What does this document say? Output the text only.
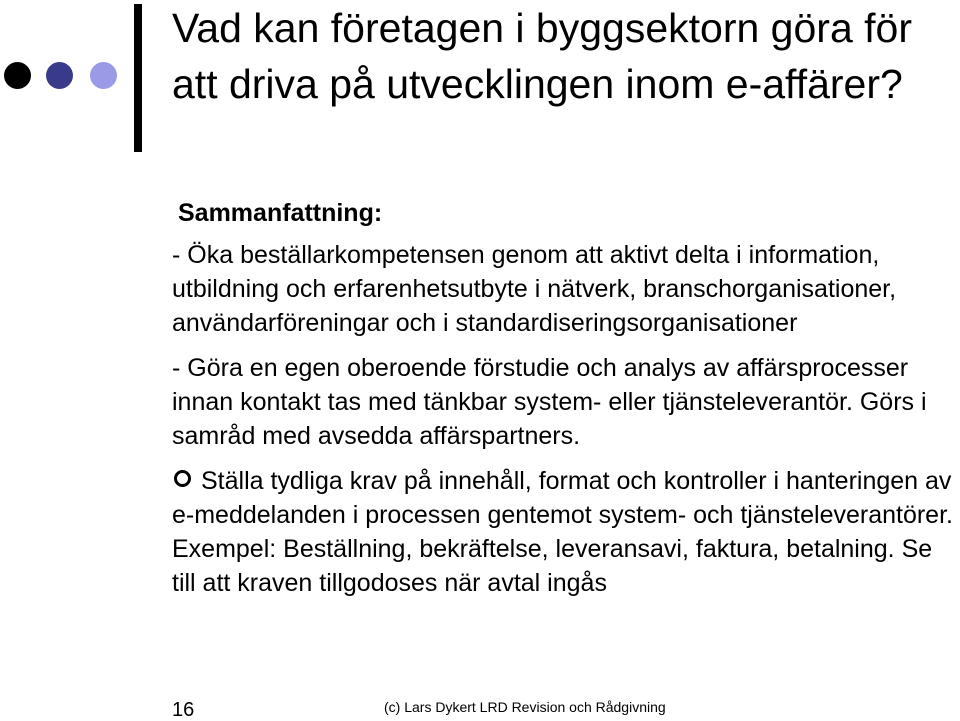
Vad kan företagen i byggsektorn göra för att driva på utvecklingen inom e-affärer?
Sammanfattning:
- Öka beställarkompetensen genom att aktivt delta i information, utbildning och erfarenhetsutbyte i nätverk, branschorganisationer, användarföreningar och i standardiseringsorganisationer
- Göra en egen oberoende förstudie och analys av affärsprocesser innan kontakt tas med tänkbar system- eller tjänsteleverantör. Görs i samråd med avsedda affärspartners.
Ställa tydliga krav på innehåll, format och kontroller i hanteringen av e-meddelanden i processen gentemot system- och tjänsteleverantörer. Exempel: Beställning, bekräftelse, leveransavi, faktura, betalning. Se till att kraven tillgodoses när avtal ingås
16	(c) Lars Dykert LRD Revision och Rådgivning
